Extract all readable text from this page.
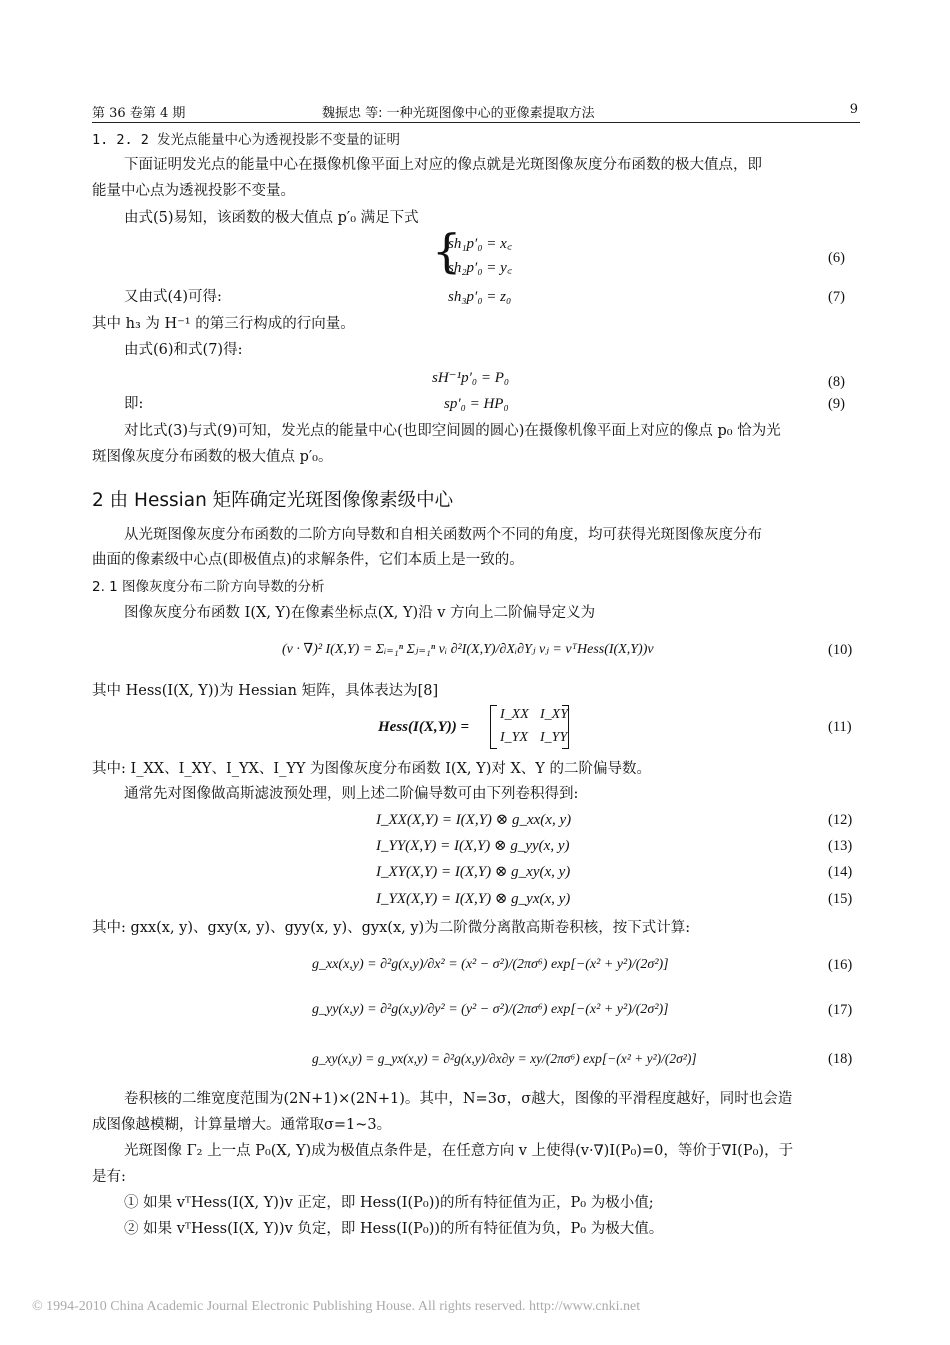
第 36 卷第 4 期	魏振忠 等: 一种光斑图像中心的亚像素提取方法	9
1. 2. 2 发光点能量中心为透视投影不变量的证明
下面证明发光点的能量中心在摄像机像平面上对应的像点就是光斑图像灰度分布函数的极大值点，即
能量中心点为透视投影不变量。
由式(5)易知，该函数的极大值点 p′₀ 满足下式
{
sh₁p′₀ = x꜀
sh₂p′₀ = y꜀
(6)
又由式(4)可得:	sh₃p′₀ = z₀	(7)
其中 h₃ 为 H⁻¹ 的第三行构成的行向量。
由式(6)和式(7)得:
sH⁻¹p′₀ = P₀	(8)
即:	sp′₀ = HP₀	(9)
对比式(3)与式(9)可知，发光点的能量中心(也即空间圆的圆心)在摄像机像平面上对应的像点 p₀ 恰为光
斑图像灰度分布函数的极大值点 p′₀。
2 由 Hessian 矩阵确定光斑图像像素级中心
从光斑图像灰度分布函数的二阶方向导数和自相关函数两个不同的角度，均可获得光斑图像灰度分布
曲面的像素级中心点(即极值点)的求解条件，它们本质上是一致的。
2. 1 图像灰度分布二阶方向导数的分析
图像灰度分布函数 I(X, Y)在像素坐标点(X, Y)沿 v 方向上二阶偏导定义为
(v · ∇)² I(X,Y) = Σᵢ₌₁ⁿ Σⱼ₌₁ⁿ vᵢ ∂²I(X,Y)/∂Xᵢ∂Yⱼ vⱼ = vᵀHess(I(X,Y))v	(10)
其中 Hess(I(X, Y))为 Hessian 矩阵，具体表达为[8]
Hess(I(X,Y)) =
I_XX I_XY
I_YX I_YY
(11)
其中: I_XX、I_XY、I_YX、I_YY 为图像灰度分布函数 I(X, Y)对 X、Y 的二阶偏导数。
通常先对图像做高斯滤波预处理，则上述二阶偏导数可由下列卷积得到:
I_XX(X,Y) = I(X,Y) ⊗ g_xx(x, y)	(12)
I_YY(X,Y) = I(X,Y) ⊗ g_yy(x, y)	(13)
I_XY(X,Y) = I(X,Y) ⊗ g_xy(x, y)	(14)
I_YX(X,Y) = I(X,Y) ⊗ g_yx(x, y)	(15)
其中: gxx(x, y)、gxy(x, y)、gyy(x, y)、gyx(x, y)为二阶微分离散高斯卷积核，按下式计算:
g_xx(x,y) = ∂²g(x,y)/∂x² = (x² − σ²)/(2πσ⁶) exp[−(x² + y²)/(2σ²)]	(16)
g_yy(x,y) = ∂²g(x,y)/∂y² = (y² − σ²)/(2πσ⁶) exp[−(x² + y²)/(2σ²)]	(17)
g_xy(x,y) = g_yx(x,y) = ∂²g(x,y)/∂x∂y = xy/(2πσ⁶) exp[−(x² + y²)/(2σ²)]	(18)
卷积核的二维宽度范围为(2N+1)×(2N+1)。其中，N=3σ，σ越大，图像的平滑程度越好，同时也会造
成图像越模糊，计算量增大。通常取σ=1~3。
光斑图像 Γ₂ 上一点 P₀(X, Y)成为极值点条件是，在任意方向 v 上使得(v·∇)I(P₀)=0，等价于∇I(P₀)，于
是有:
① 如果 vᵀHess(I(X, Y))v 正定，即 Hess(I(P₀))的所有特征值为正，P₀ 为极小值;
② 如果 vᵀHess(I(X, Y))v 负定，即 Hess(I(P₀))的所有特征值为负，P₀ 为极大值。
© 1994-2010 China Academic Journal Electronic Publishing House. All rights reserved. http://www.cnki.net
